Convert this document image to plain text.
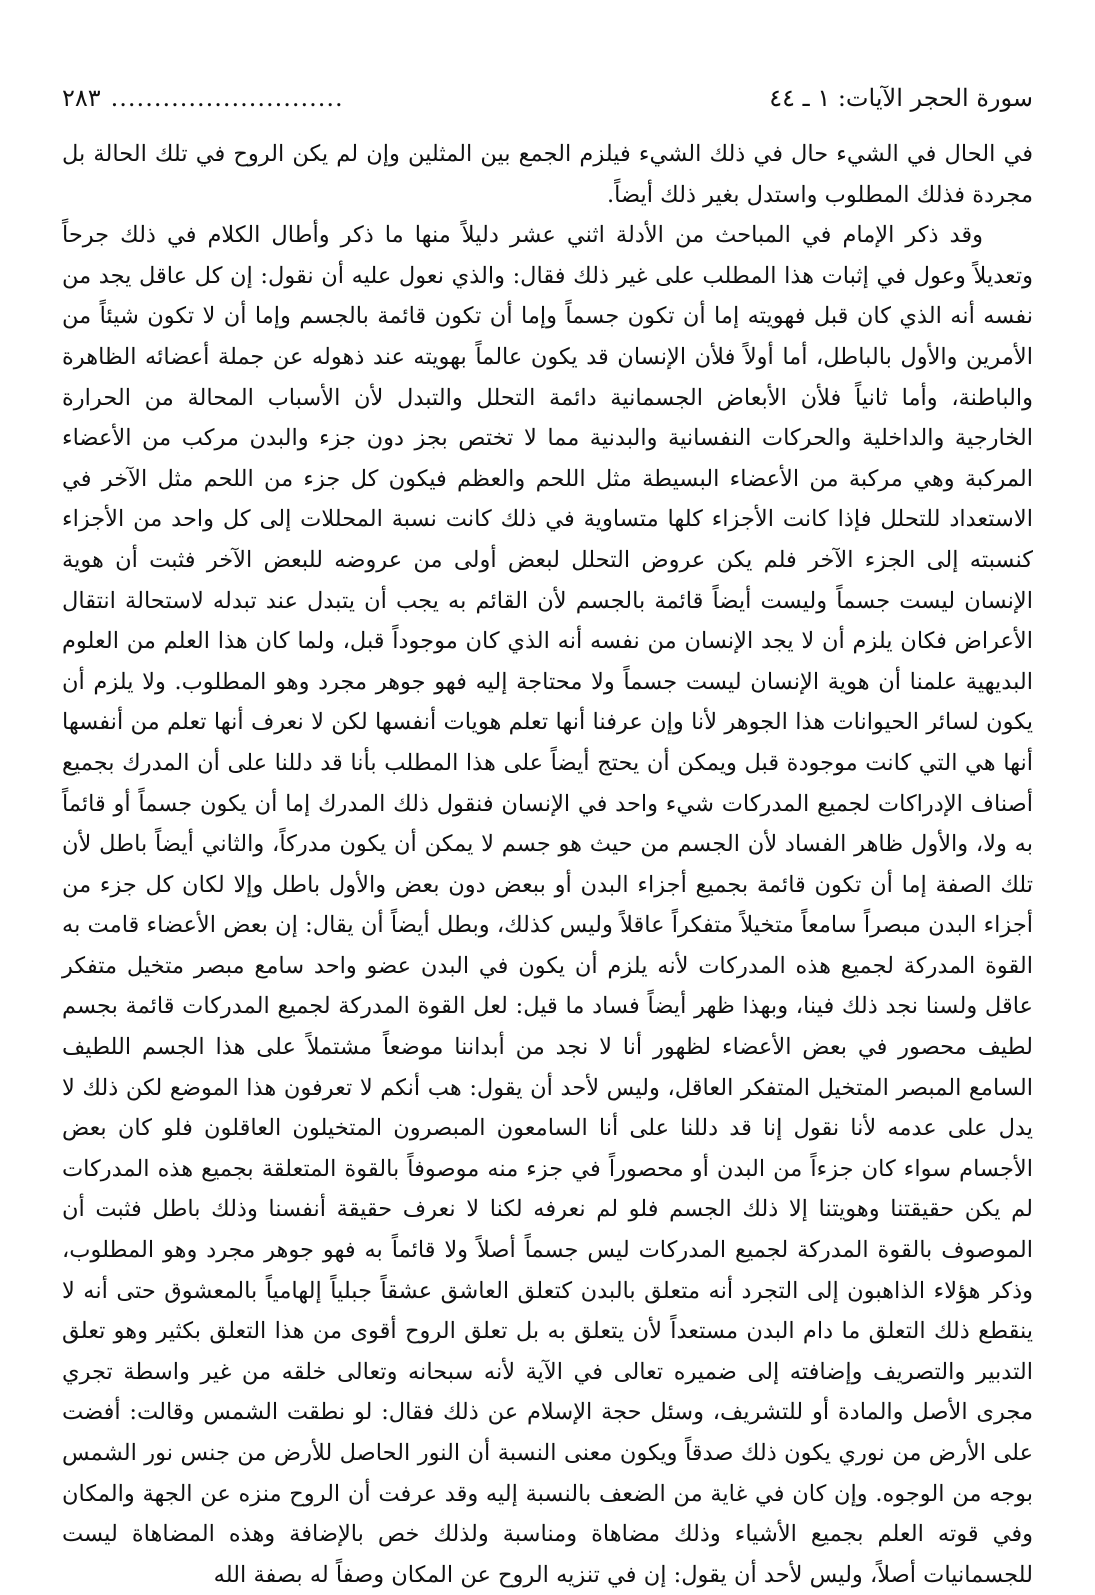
سورة الحجر الآيات: ١ ـ ٤٤
...........................
٢٨٣

في الحال في الشيء حال في ذلك الشيء فيلزم الجمع بين المثلين وإن لم يكن الروح في تلك الحالة بل مجردة فذلك المطلوب واستدل بغير ذلك أيضاً.

وقد ذكر الإمام في المباحث من الأدلة اثني عشر دليلاً منها ما ذكر وأطال الكلام في ذلك جرحاً وتعديلاً وعول في إثبات هذا المطلب على غير ذلك فقال: والذي نعول عليه أن نقول: إن كل عاقل يجد من نفسه أنه الذي كان قبل فهويته إما أن تكون جسماً وإما أن تكون قائمة بالجسم وإما أن لا تكون شيئاً من الأمرين والأول بالباطل، أما أولاً فلأن الإنسان قد يكون عالماً بهويته عند ذهوله عن جملة أعضائه الظاهرة والباطنة، وأما ثانياً فلأن الأبعاض الجسمانية دائمة التحلل والتبدل لأن الأسباب المحالة من الحرارة الخارجية والداخلية والحركات النفسانية والبدنية مما لا تختص بجز دون جزء والبدن مركب من الأعضاء المركبة وهي مركبة من الأعضاء البسيطة مثل اللحم والعظم فيكون كل جزء من اللحم مثل الآخر في الاستعداد للتحلل فإذا كانت الأجزاء كلها متساوية في ذلك كانت نسبة المحللات إلى كل واحد من الأجزاء كنسبته إلى الجزء الآخر فلم يكن عروض التحلل لبعض أولى من عروضه للبعض الآخر فثبت أن هوية الإنسان ليست جسماً وليست أيضاً قائمة بالجسم لأن القائم به يجب أن يتبدل عند تبدله لاستحالة انتقال الأعراض فكان يلزم أن لا يجد الإنسان من نفسه أنه الذي كان موجوداً قبل، ولما كان هذا العلم من العلوم البديهية علمنا أن هوية الإنسان ليست جسماً ولا محتاجة إليه فهو جوهر مجرد وهو المطلوب. ولا يلزم أن يكون لسائر الحيوانات هذا الجوهر لأنا وإن عرفنا أنها تعلم هويات أنفسها لكن لا نعرف أنها تعلم من أنفسها أنها هي التي كانت موجودة قبل ويمكن أن يحتج أيضاً على هذا المطلب بأنا قد دللنا على أن المدرك بجميع أصناف الإدراكات لجميع المدركات شيء واحد في الإنسان فنقول ذلك المدرك إما أن يكون جسماً أو قائماً به ولا، والأول ظاهر الفساد لأن الجسم من حيث هو جسم لا يمكن أن يكون مدركاً، والثاني أيضاً باطل لأن تلك الصفة إما أن تكون قائمة بجميع أجزاء البدن أو ببعض دون بعض والأول باطل وإلا لكان كل جزء من أجزاء البدن مبصراً سامعاً متخيلاً متفكراً عاقلاً وليس كذلك، وبطل أيضاً أن يقال: إن بعض الأعضاء قامت به القوة المدركة لجميع هذه المدركات لأنه يلزم أن يكون في البدن عضو واحد سامع مبصر متخيل متفكر عاقل ولسنا نجد ذلك فينا، وبهذا ظهر أيضاً فساد ما قيل: لعل القوة المدركة لجميع المدركات قائمة بجسم لطيف محصور في بعض الأعضاء لظهور أنا لا نجد من أبداننا موضعاً مشتملاً على هذا الجسم اللطيف السامع المبصر المتخيل المتفكر العاقل، وليس لأحد أن يقول: هب أنكم لا تعرفون هذا الموضع لكن ذلك لا يدل على عدمه لأنا نقول إنا قد دللنا على أنا السامعون المبصرون المتخيلون العاقلون فلو كان بعض الأجسام سواء كان جزءاً من البدن أو محصوراً في جزء منه موصوفاً بالقوة المتعلقة بجميع هذه المدركات لم يكن حقيقتنا وهويتنا إلا ذلك الجسم فلو لم نعرفه لكنا لا نعرف حقيقة أنفسنا وذلك باطل فثبت أن الموصوف بالقوة المدركة لجميع المدركات ليس جسماً أصلاً ولا قائماً به فهو جوهر مجرد وهو المطلوب، وذكر هؤلاء الذاهبون إلى التجرد أنه متعلق بالبدن كتعلق العاشق عشقاً جبلياً إلهامياً بالمعشوق حتى أنه لا ينقطع ذلك التعلق ما دام البدن مستعداً لأن يتعلق به بل تعلق الروح أقوى من هذا التعلق بكثير وهو تعلق التدبير والتصريف وإضافته إلى ضميره تعالى في الآية لأنه سبحانه وتعالى خلقه من غير واسطة تجري مجرى الأصل والمادة أو للتشريف، وسئل حجة الإسلام عن ذلك فقال: لو نطقت الشمس وقالت: أفضت على الأرض من نوري يكون ذلك صدقاً ويكون معنى النسبة أن النور الحاصل للأرض من جنس نور الشمس بوجه من الوجوه. وإن كان في غاية من الضعف بالنسبة إليه وقد عرفت أن الروح منزه عن الجهة والمكان وفي قوته العلم بجميع الأشياء وذلك مضاهاة ومناسبة ولذلك خص بالإضافة وهذه المضاهاة ليست للجسمانيات أصلاً، وليس لأحد أن يقول: إن في تنزيه الروح عن المكان وصفاً له بصفة الله
